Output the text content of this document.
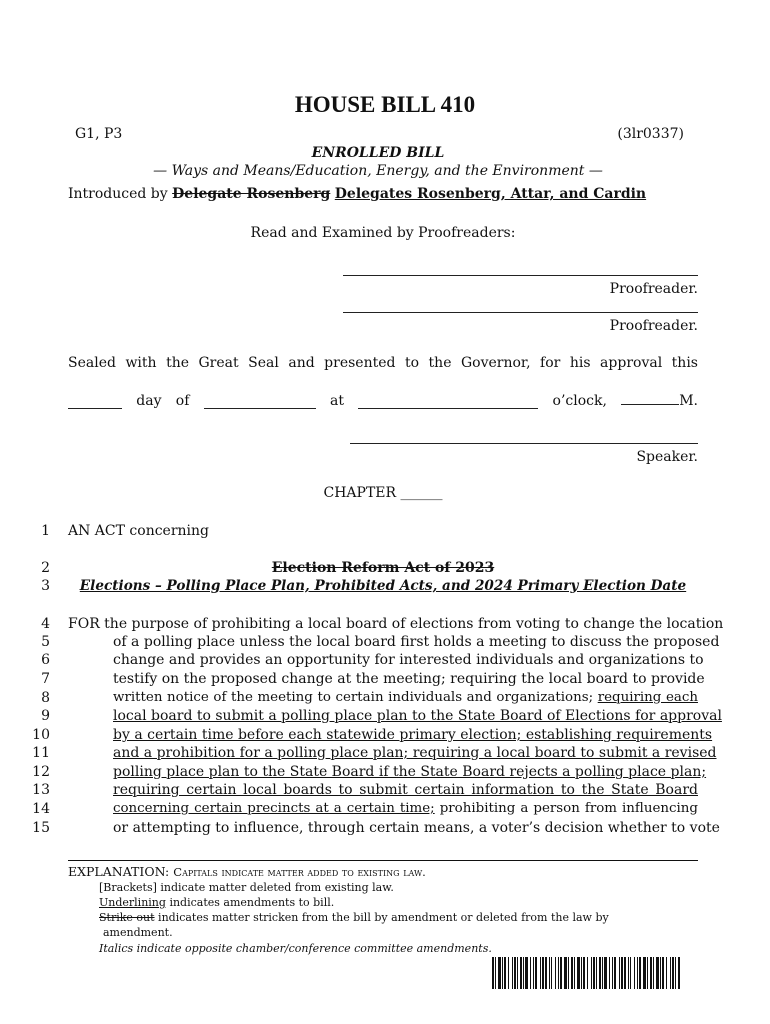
HOUSE BILL 410
G1, P3	(3lr0337)
ENROLLED BILL
— Ways and Means/Education, Energy, and the Environment —
Introduced by Delegate Rosenberg Delegates Rosenberg, Attar, and Cardin
Read and Examined by Proofreaders:
Proofreader.
Proofreader.
Sealed with the Great Seal and presented to the Governor, for his approval this
day of	at	o’clock,	M.
Speaker.
CHAPTER ______
1
2
3
4
5
6
7
8
9
10
11
12
13
14
15
AN ACT concerning
Election Reform Act of 2023
Elections – Polling Place Plan, Prohibited Acts, and 2024 Primary Election Date
FOR the purpose of prohibiting a local board of elections from voting to change the location
of a polling place unless the local board first holds a meeting to discuss the proposed
change and provides an opportunity for interested individuals and organizations to
testify on the proposed change at the meeting; requiring the local board to provide
written notice of the meeting to certain individuals and organizations; requiring each
local board to submit a polling place plan to the State Board of Elections for approval
by a certain time before each statewide primary election; establishing requirements
and a prohibition for a polling place plan; requiring a local board to submit a revised
polling place plan to the State Board if the State Board rejects a polling place plan;
requiring certain local boards to submit certain information to the State Board
concerning certain precincts at a certain time; prohibiting a person from influencing
or attempting to influence, through certain means, a voter’s decision whether to vote
EXPLANATION: Capitals indicate matter added to existing law.
[Brackets] indicate matter deleted from existing law.
Underlining indicates amendments to bill.
Strike out indicates matter stricken from the bill by amendment or deleted from the law by
amendment.
Italics indicate opposite chamber/conference committee amendments.
